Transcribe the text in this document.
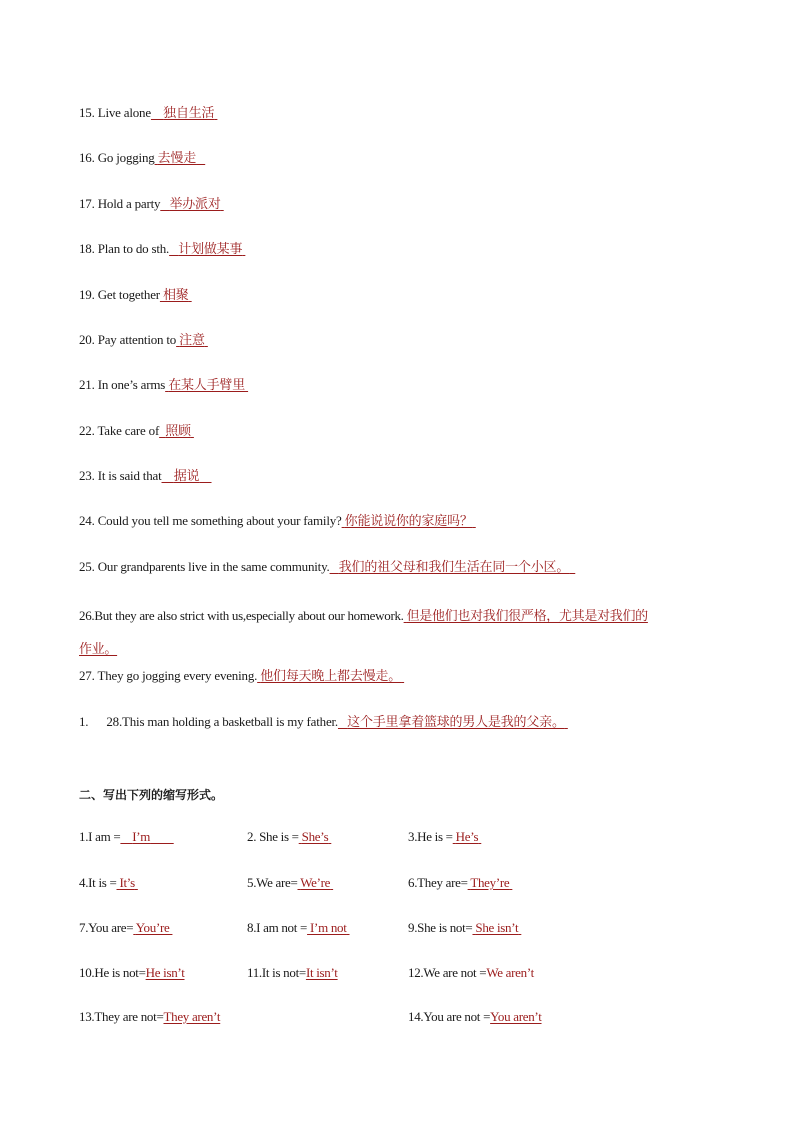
15. Live alone 独自生活
16. Go jogging 去慢走
17. Hold a party 举办派对
18. Plan to do sth. 计划做某事
19. Get together 相聚
20. Pay attention to 注意
21. In one’s arms 在某人手臂里
22. Take care of 照顾
23. It is said that 据说
24. Could you tell me something about your family? 你能说说你的家庭吗？
25. Our grandparents live in the same community. 我们的祖父母和我们生活在同一个小区。
26.But they are also strict with us,especially about our homework. 但是他们也对我们很严格，尤其是对我们的
作业。
27. They go jogging every evening. 他们每天晚上都去慢走。
1. 28.This man holding a basketball is my father. 这个手里拿着篮球的男人是我的父亲。
二、写出下列的缩写形式。
1.I am = I’m	2. She is = She’s	3.He is = He’s
4.It is = It’s	5.We are= We’re	6.They are= They’re
7.You are= You’re	8.I am not = I’m not	9.She is not= She isn’t
10.He is not=He isn’t	11.It is not=It isn’t	12.We are not =We aren’t
13.They are not=They aren’t	14.You are not =You aren’t
